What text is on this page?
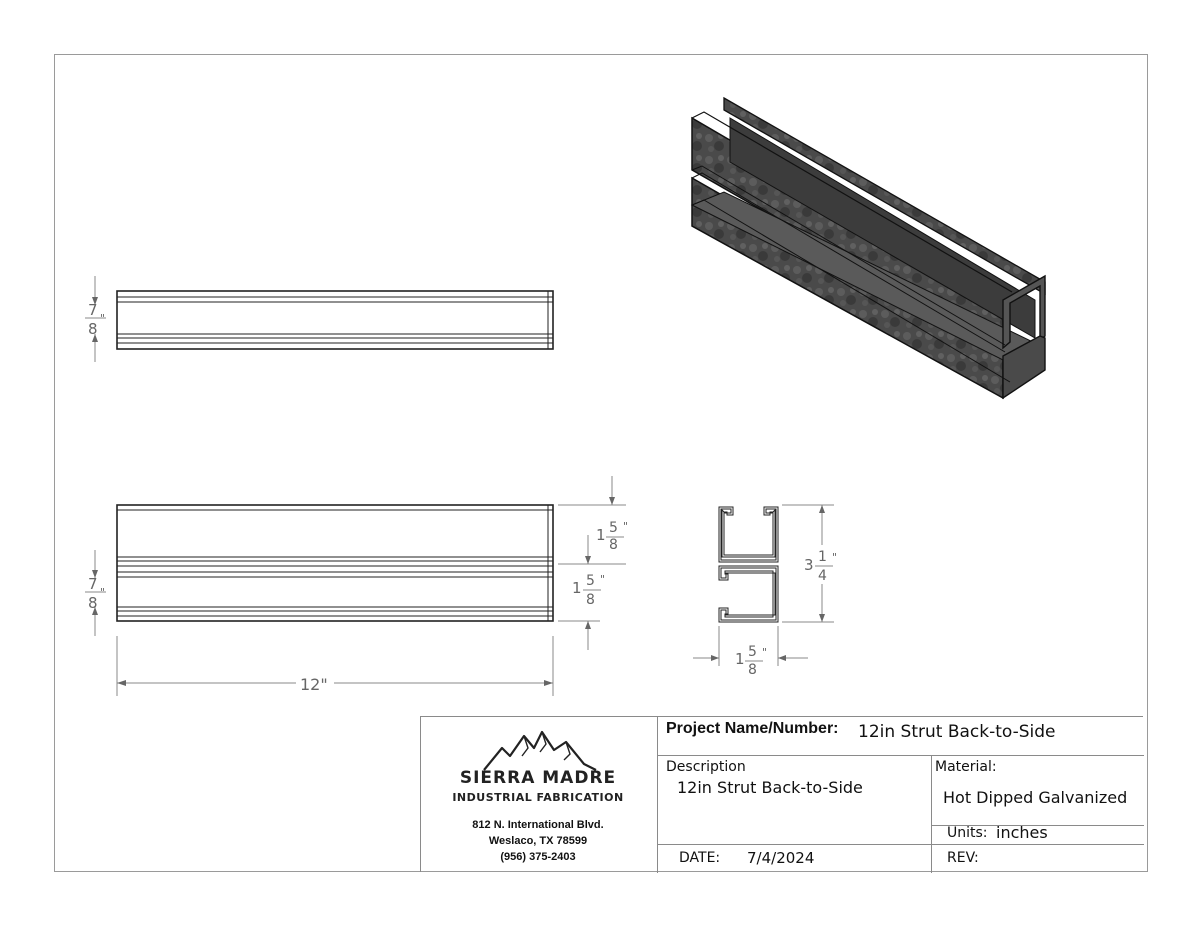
7
8
"
7
8
"
1 5
8
"
1 5
8
"
12"
3 1
4
"
1 5
8
"
Project Name/Number: 12in Strut Back-to-Side
Description
12in Strut Back-to-Side
Material:
Hot Dipped Galvanized
Units: inches
DATE: 7/4/2024	REV:
SIERRA MADRE
INDUSTRIAL FABRICATION
812 N. International Blvd.
Weslaco, TX 78599
(956) 375-2403
